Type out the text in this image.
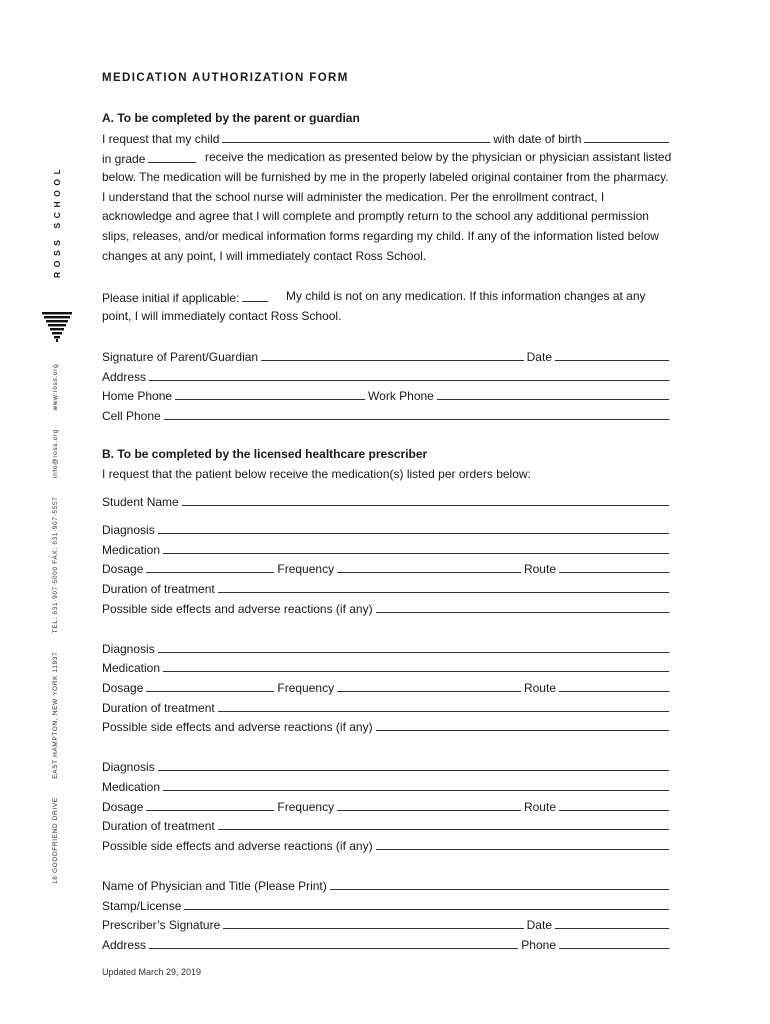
ROSS SCHOOL
18 GOODFRIEND DRIVE EAST HAMPTON, NEW YORK 11937 TEL: 631·907·5000 FAX: 631·907·5557 info@ross.org www.ross.org
MEDICATION AUTHORIZATION FORM
A. To be completed by the parent or guardian
I request that my child	with date of birth
in grade	receive the medication as presented below by the physician or physician assistant listed below. The medication will be furnished by me in the properly labeled original container from the pharmacy. I understand that the school nurse will administer the medication. Per the enrollment contract, I acknowledge and agree that I will complete and promptly return to the school any additional permission slips, releases, and/or medical information forms regarding my child. If any of the information listed below changes at any point, I will immediately contact Ross School.
Please initial if applicable:	My child is not on any medication. If this information changes at any point, I will immediately contact Ross School.
Signature of Parent/Guardian	Date
Address
Home Phone	Work Phone
Cell Phone
B. To be completed by the licensed healthcare prescriber
I request that the patient below receive the medication(s) listed per orders below:
Student Name
Diagnosis
Medication
Dosage	Frequency	Route
Duration of treatment
Possible side effects and adverse reactions (if any)
Diagnosis
Medication
Dosage	Frequency	Route
Duration of treatment
Possible side effects and adverse reactions (if any)
Diagnosis
Medication
Dosage	Frequency	Route
Duration of treatment
Possible side effects and adverse reactions (if any)
Name of Physician and Title (Please Print)
Stamp/License
Prescriber’s Signature	Date
Address	Phone
Updated March 29, 2019
